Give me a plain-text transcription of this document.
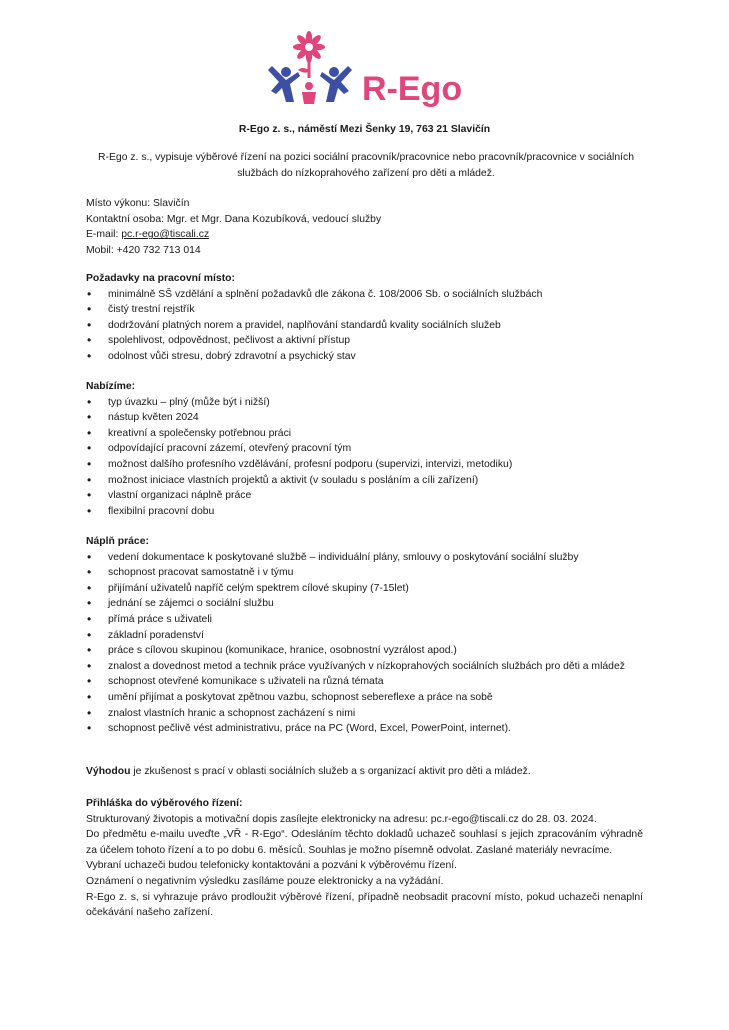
R-Ego
R-Ego z. s., náměstí Mezi Šenky 19, 763 21 Slavičín
R-Ego z. s., vypisuje výběrové řízení na pozici sociální pracovník/pracovnice nebo pracovník/pracovnice v sociálních službách do nízkoprahového zařízení pro děti a mládež.
Místo výkonu: Slavičín
Kontaktní osoba: Mgr. et Mgr. Dana Kozubíková, vedoucí služby
E-mail: pc.r-ego@tiscali.cz
Mobil: +420 732 713 014
Požadavky na pracovní místo:
• minimálně SŠ vzdělání a splnění požadavků dle zákona č. 108/2006 Sb. o sociálních službách
• čistý trestní rejstřík
• dodržování platných norem a pravidel, naplňování standardů kvality sociálních služeb
• spolehlivost, odpovědnost, pečlivost a aktivní přístup
• odolnost vůči stresu, dobrý zdravotní a psychický stav
Nabízíme:
• typ úvazku – plný (může být i nižší)
• nástup květen 2024
• kreativní a společensky potřebnou práci
• odpovídající pracovní zázemí, otevřený pracovní tým
• možnost dalšího profesního vzdělávání, profesní podporu (supervizi, intervizi, metodiku)
• možnost iniciace vlastních projektů a aktivit (v souladu s posláním a cíli zařízení)
• vlastní organizaci náplně práce
• flexibilní pracovní dobu
Náplň práce:
• vedení dokumentace k poskytované službě – individuální plány, smlouvy o poskytování sociální služby
• schopnost pracovat samostatně i v týmu
• přijímání uživatelů napříč celým spektrem cílové skupiny (7-15let)
• jednání se zájemci o sociální službu
• přímá práce s uživateli
• základní poradenství
• práce s cílovou skupinou (komunikace, hranice, osobnostní vyzrálost apod.)
• znalost a dovednost metod a technik práce využívaných v nízkoprahových sociálních službách pro děti a mládež
• schopnost otevřené komunikace s uživateli na různá témata
• umění přijímat a poskytovat zpětnou vazbu, schopnost sebereflexe a práce na sobě
• znalost vlastních hranic a schopnost zacházení s nimi
• schopnost pečlivě vést administrativu, práce na PC (Word, Excel, PowerPoint, internet).
Výhodou je zkušenost s prací v oblasti sociálních služeb a s organizací aktivit pro děti a mládež.
Přihláška do výběrového řízení:

Strukturovaný životopis a motivační dopis zasílejte elektronicky na adresu: pc.r-ego@tiscali.cz do 28. 03. 2024.

Do předmětu e-mailu uveďte „VŘ - R-Ego“. Odesláním těchto dokladů uchazeč souhlasí s jejich zpracováním výhradně za účelem tohoto řízení a to po dobu 6. měsíců. Souhlas je možno písemně odvolat. Zaslané materiály nevracíme.

Vybraní uchazeči budou telefonicky kontaktováni a pozváni k výběrovému řízení.

Oznámení o negativním výsledku zasíláme pouze elektronicky a na vyžádání.

R-Ego z. s, si vyhrazuje právo prodloužit výběrové řízení, případně neobsadit pracovní místo, pokud uchazeči nenaplní očekávání našeho zařízení.
